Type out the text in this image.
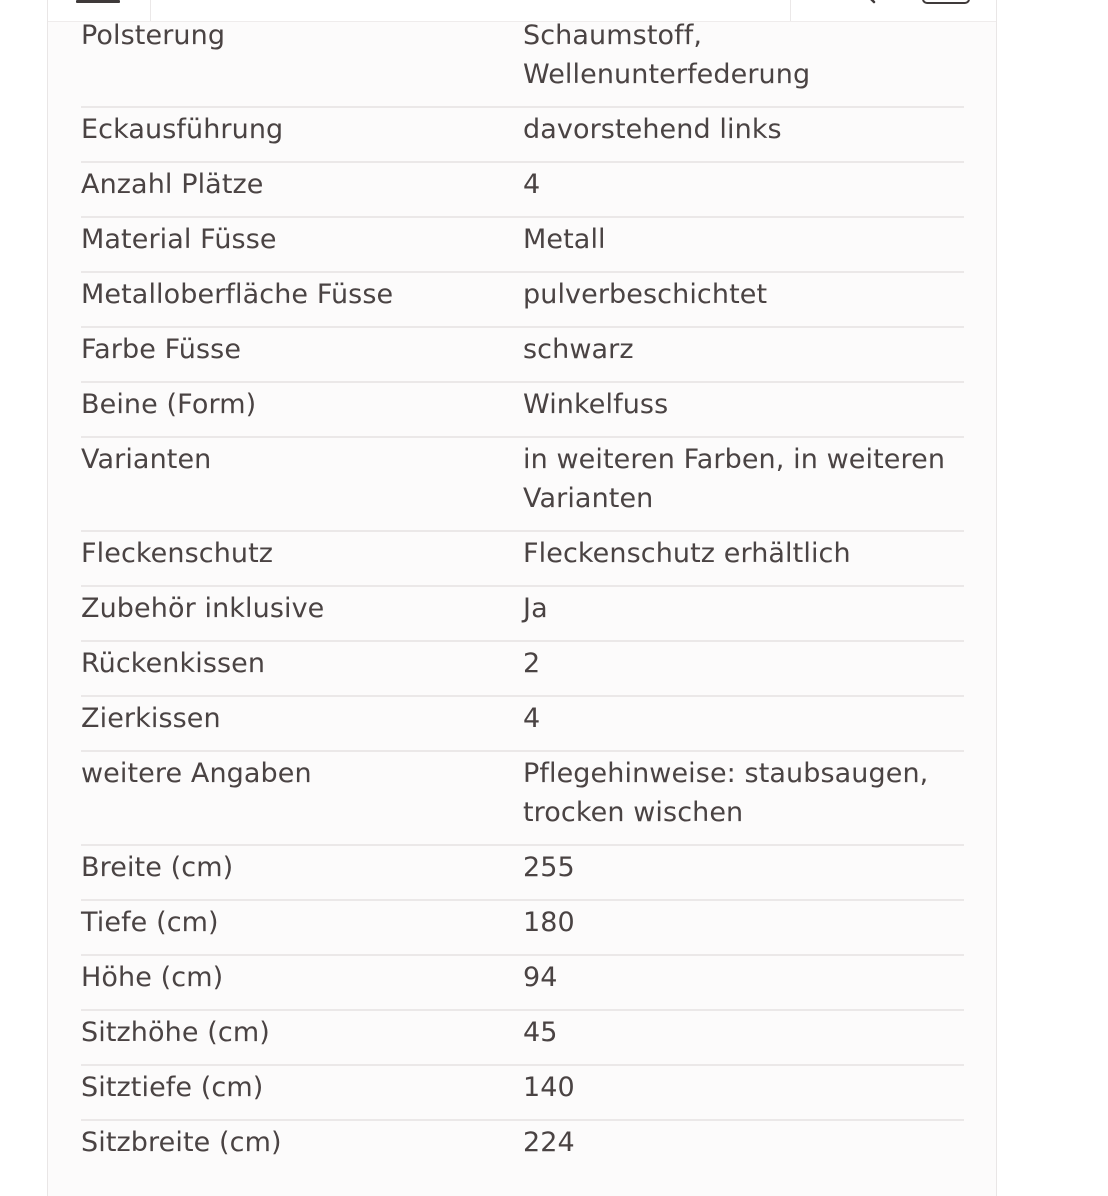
Polsterung	Schaumstoff, Wellenunterfederung
Eckausführung	davorstehend links
Anzahl Plätze	4
Material Füsse	Metall
Metalloberfläche Füsse	pulverbeschichtet
Farbe Füsse	schwarz
Beine (Form)	Winkelfuss
Varianten	in weiteren Farben, in weiteren Varianten
Fleckenschutz	Fleckenschutz erhältlich
Zubehör inklusive	Ja
Rückenkissen	2
Zierkissen	4
weitere Angaben	Pflegehinweise: staubsaugen, trocken wischen
Breite (cm)	255
Tiefe (cm)	180
Höhe (cm)	94
Sitzhöhe (cm)	45
Sitztiefe (cm)	140
Sitzbreite (cm)	224
